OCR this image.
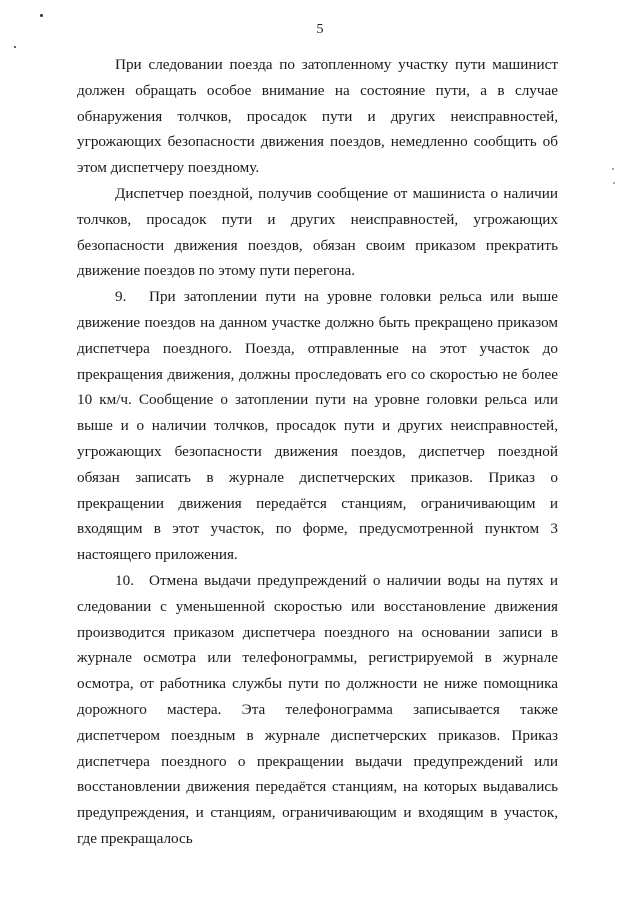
5

При следовании поезда по затопленному участку пути машинист должен обращать особое внимание на состояние пути, а в случае обнаружения толчков, просадок пути и других неисправностей, угрожающих безопасности движения поездов, немедленно сообщить об этом диспетчеру поездному.

Диспетчер поездной, получив сообщение от машиниста о наличии толчков, просадок пути и других неисправностей, угрожающих безопасности движения поездов, обязан своим приказом прекратить движение поездов по этому пути перегона.

9. При затоплении пути на уровне головки рельса или выше движение поездов на данном участке должно быть прекращено приказом диспетчера поездного. Поезда, отправленные на этот участок до прекращения движения, должны проследовать его со скоростью не более 10 км/ч. Сообщение о затоплении пути на уровне головки рельса или выше и о наличии толчков, просадок пути и других неисправностей, угрожающих безопасности движения поездов, диспетчер поездной обязан записать в журнале диспетчерских приказов. Приказ о прекращении движения передаётся станциям, ограничивающим и входящим в этот участок, по форме, предусмотренной пунктом 3 настоящего приложения.

10. Отмена выдачи предупреждений о наличии воды на путях и следовании с уменьшенной скоростью или восстановление движения производится приказом диспетчера поездного на основании записи в журнале осмотра или телефонограммы, регистрируемой в журнале осмотра, от работника службы пути по должности не ниже помощника дорожного мастера. Эта телефонограмма записывается также диспетчером поездным в журнале диспетчерских приказов. Приказ диспетчера поездного о прекращении выдачи предупреждений или восстановлении движения передаётся станциям, на которых выдавались предупреждения, и станциям, ограничивающим и входящим в участок, где прекращалось
